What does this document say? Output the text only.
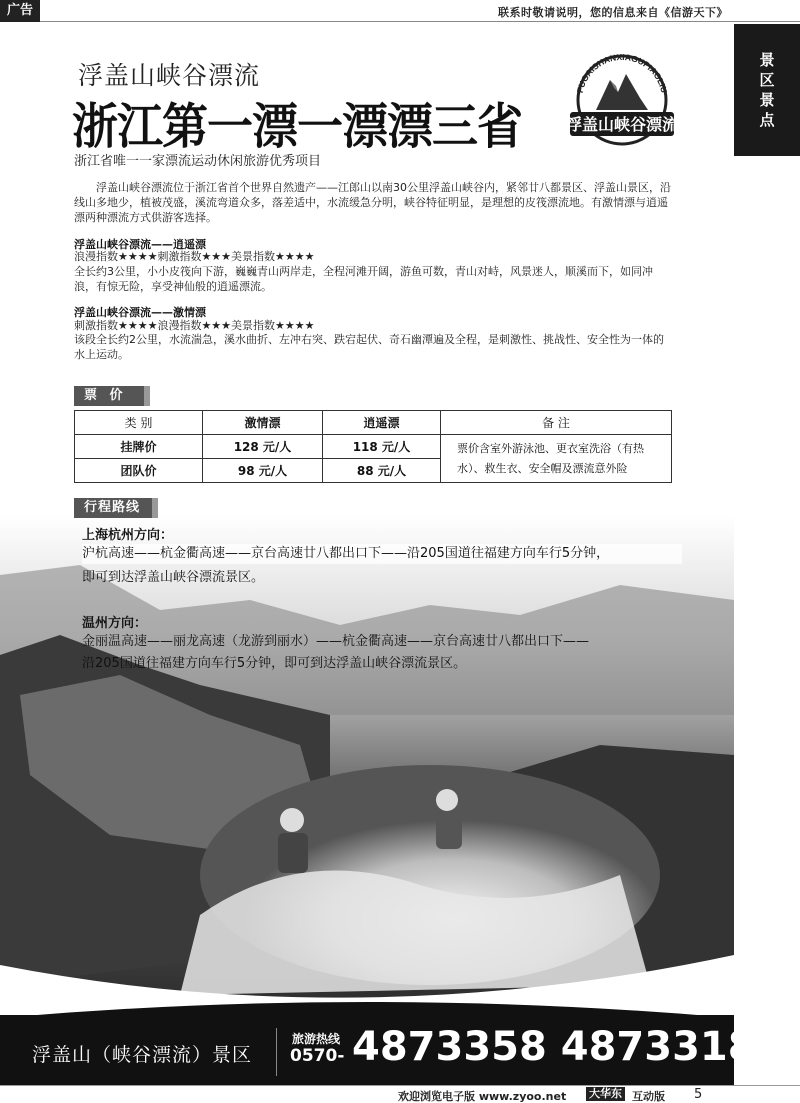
广告	联系时敬请说明，您的信息来自《信游天下》
景
区
景
点
浮盖山峡谷漂流
浙江第一漂一漂漂三省
浙江省唯一一家漂流运动休闲旅游优秀项目
FUGAISHANXIAGUPIAOLIU
浮盖山峡谷漂流
浮盖山峡谷漂流位于浙江省首个世界自然遗产——江郎山以南30公里浮盖山峡谷内，紧邻廿八都景区、浮盖山景区，沿线山多地少，植被茂盛，溪流弯道众多，落差适中，水流缓急分明，峡谷特征明显，是理想的皮筏漂流地。有激情漂与逍遥漂两种漂流方式供游客选择。
浮盖山峡谷漂流——逍遥漂
浪漫指数★★★★刺激指数★★★美景指数★★★★
全长约3公里，小小皮筏向下游，巍巍青山两岸走，全程河滩开阔，游鱼可数，青山对峙，风景迷人，顺溪而下，如同冲浪，有惊无险，享受神仙般的逍遥漂流。
浮盖山峡谷漂流——激情漂
刺激指数★★★★浪漫指数★★★美景指数★★★★
该段全长约2公里，水流湍急，溪水曲折、左冲右突、跌宕起伏、奇石幽潭遍及全程，是刺激性、挑战性、安全性为一体的水上运动。
票 价
类 别	激情漂	逍遥漂	备 注
挂牌价	128 元/人	118 元/人	票价含室外游泳池、更衣室洗浴（有热水）、救生衣、安全帽及漂流意外险
团队价	98 元/人	88 元/人	
行程路线
上海杭州方向：
沪杭高速——杭金衢高速——京台高速廿八都出口下——沿205国道往福建方向车行5分钟，
即可到达浮盖山峡谷漂流景区。
温州方向：
金丽温高速——丽龙高速（龙游到丽水）——杭金衢高速——京台高速廿八都出口下——
沿205国道往福建方向车行5分钟，即可到达浮盖山峡谷漂流景区。
浮盖山（峡谷漂流）景区
旅游热线
0570- 4873358 4873318
欢迎浏览电子版 www.zyoo.net 大华东 互动版 5
